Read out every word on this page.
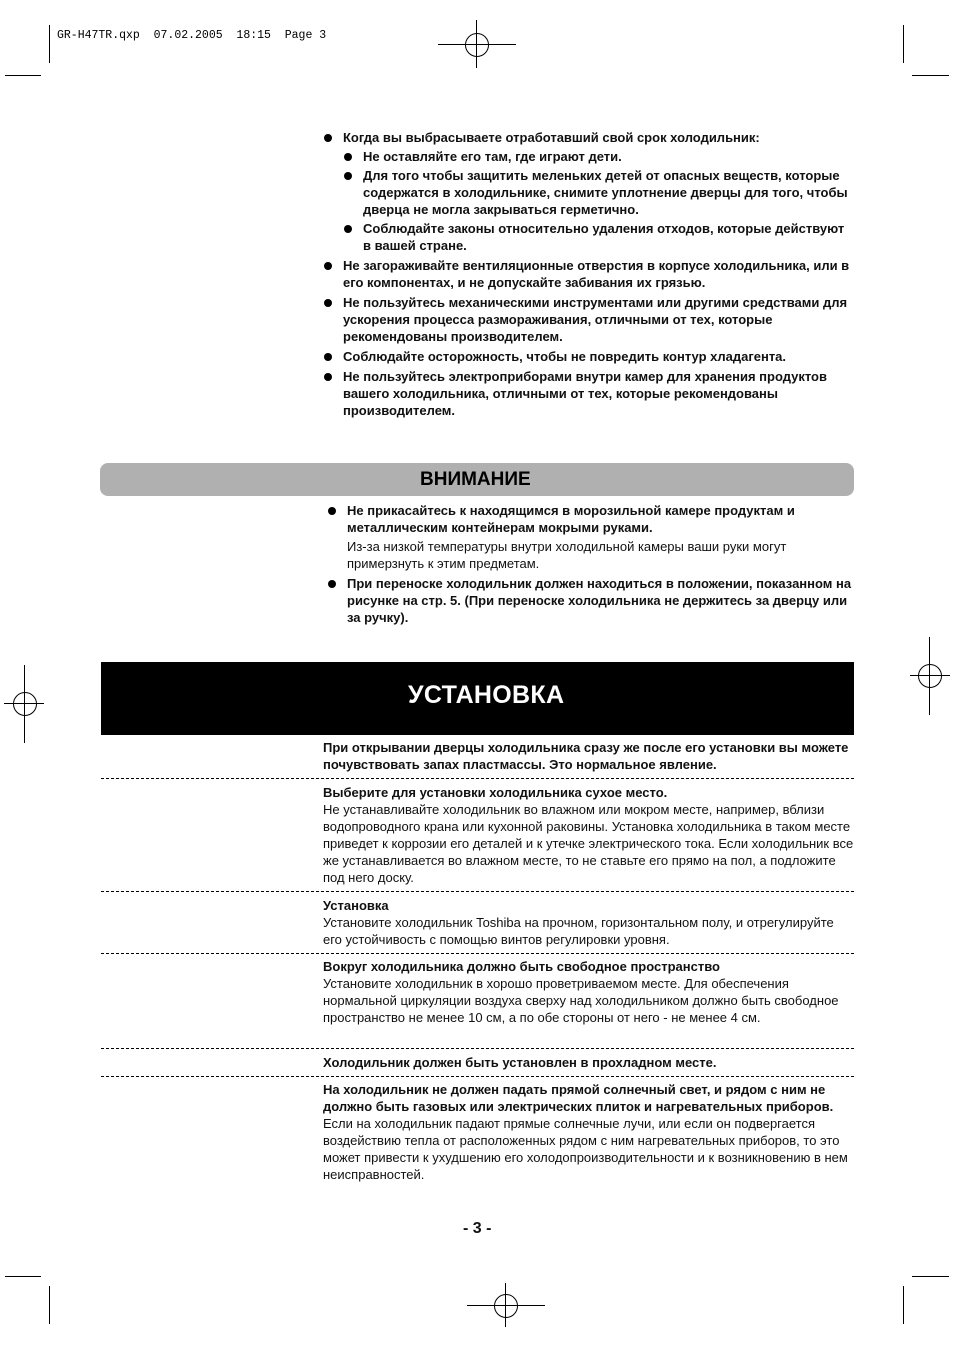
GR-H47TR.qxp  07.02.2005  18:15  Page 3
Когда вы выбрасываете отработавший свой срок холодильник:
Не оставляйте его там, где играют дети.
Для того чтобы защитить меленьких детей от опасных веществ, которые содержатся в холодильнике, снимите уплотнение дверцы для того, чтобы дверца не могла закрываться герметично.
Соблюдайте законы относительно удаления отходов, которые действуют в вашей стране.
Не загораживайте вентиляционные отверстия в корпусе холодильника, или в его компонентах, и не допускайте забивания их грязью.
Не пользуйтесь механическими инструментами или другими средствами для ускорения процесса размораживания, отличными от тех, которые рекомендованы производителем.
Соблюдайте осторожность, чтобы не повредить контур хладагента.
Не пользуйтесь электроприборами внутри камер для хранения продуктов вашего холодильника, отличными от тех, которые рекомендованы производителем.
ВНИМАНИЕ
Не прикасайтесь к находящимся в морозильной камере продуктам и металлическим контейнерам мокрыми руками.
Из-за низкой температуры внутри холодильной камеры ваши руки могут примерзнуть к этим предметам.
При переноске холодильник должен находиться в положении, показанном на рисунке на стр. 5. (При переноске холодильника не держитесь за дверцу или за ручку).
УСТАНОВКА
При открывании дверцы холодильника сразу же после его установки вы можете почувствовать запах пластмассы. Это нормальное явление.
Выберите для установки холодильника сухое место.
Не устанавливайте холодильник во влажном или мокром месте, например, вблизи водопроводного крана или кухонной раковины. Установка холодильника в таком месте приведет к коррозии его деталей и к утечке электрического тока. Если холодильник все же устанавливается во влажном месте, то не ставьте его прямо на пол, а подложите под него доску.
Установка
Установите холодильник Toshiba на прочном, горизонтальном полу, и отрегулируйте его устойчивость с помощью винтов регулировки уровня.
Вокруг холодильника должно быть свободное пространство
Установите холодильник в хорошо проветриваемом месте. Для обеспечения нормальной циркуляции воздуха сверху над холодильником должно быть свободное пространство не менее 10 см, а по обе стороны от него - не менее 4 см.
Холодильник должен быть установлен в прохладном месте.
На холодильник не должен падать прямой солнечный свет, и рядом с ним не должно быть газовых или электрических плиток и нагревательных приборов.
Если на холодильник падают прямые солнечные лучи, или если он подвергается воздействию тепла от расположенных рядом с ним нагревательных приборов, то это может привести к ухудшению его холодопроизводительности и к возникновению в нем неисправностей.
- 3 -
